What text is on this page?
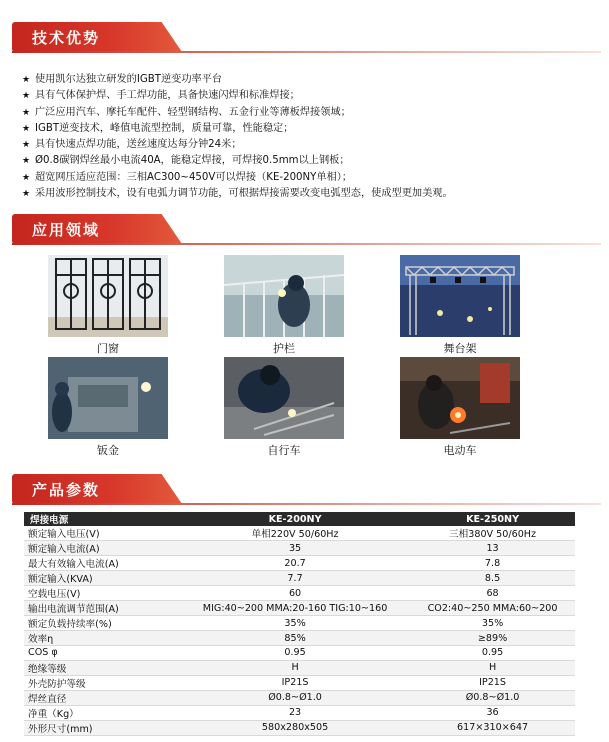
技术优势
★ 使用凯尔达独立研发的IGBT逆变功率平台
★ 具有气体保护焊、手工焊功能，具备快速闪焊和标准焊接；
★ 广泛应用汽车、摩托车配件、轻型钢结构、五金行业等薄板焊接领域；
★ IGBT逆变技术，峰值电流型控制，质量可靠，性能稳定；
★ 具有快速点焊功能，送丝速度达每分钟24米；
★ Ø0.8碳钢焊丝最小电流40A，能稳定焊接，可焊接0.5mm以上钢板；
★ 超宽网压适应范围：三相AC300~450V可以焊接（KE-200NY单相）；
★ 采用波形控制技术，设有电弧力调节功能，可根据焊接需要改变电弧型态，使成型更加美观。
应用领域
门窗	护栏	舞台架
钣金	自行车	电动车
产品参数
焊接电源	KE-200NY	KE-250NY
额定输入电压(V)	单相220V 50/60Hz	三相380V 50/60Hz
额定输入电流(A)	35	13
最大有效输入电流(A)	20.7	7.8
额定输入(KVA)	7.7	8.5
空载电压(V)	60	68
输出电流调节范围(A)	MIG:40~200 MMA:20-160 TIG:10~160	CO2:40~250 MMA:60~200
额定负载持续率(%)	35%	35%
效率η	85%	≥89%
COS φ	0.95	0.95
绝缘等级	H	H
外壳防护等级	IP21S	IP21S
焊丝直径	Ø0.8~Ø1.0	Ø0.8~Ø1.0
净重（Kg）	23	36
外形尺寸(mm)	580x280x505	617×310×647
